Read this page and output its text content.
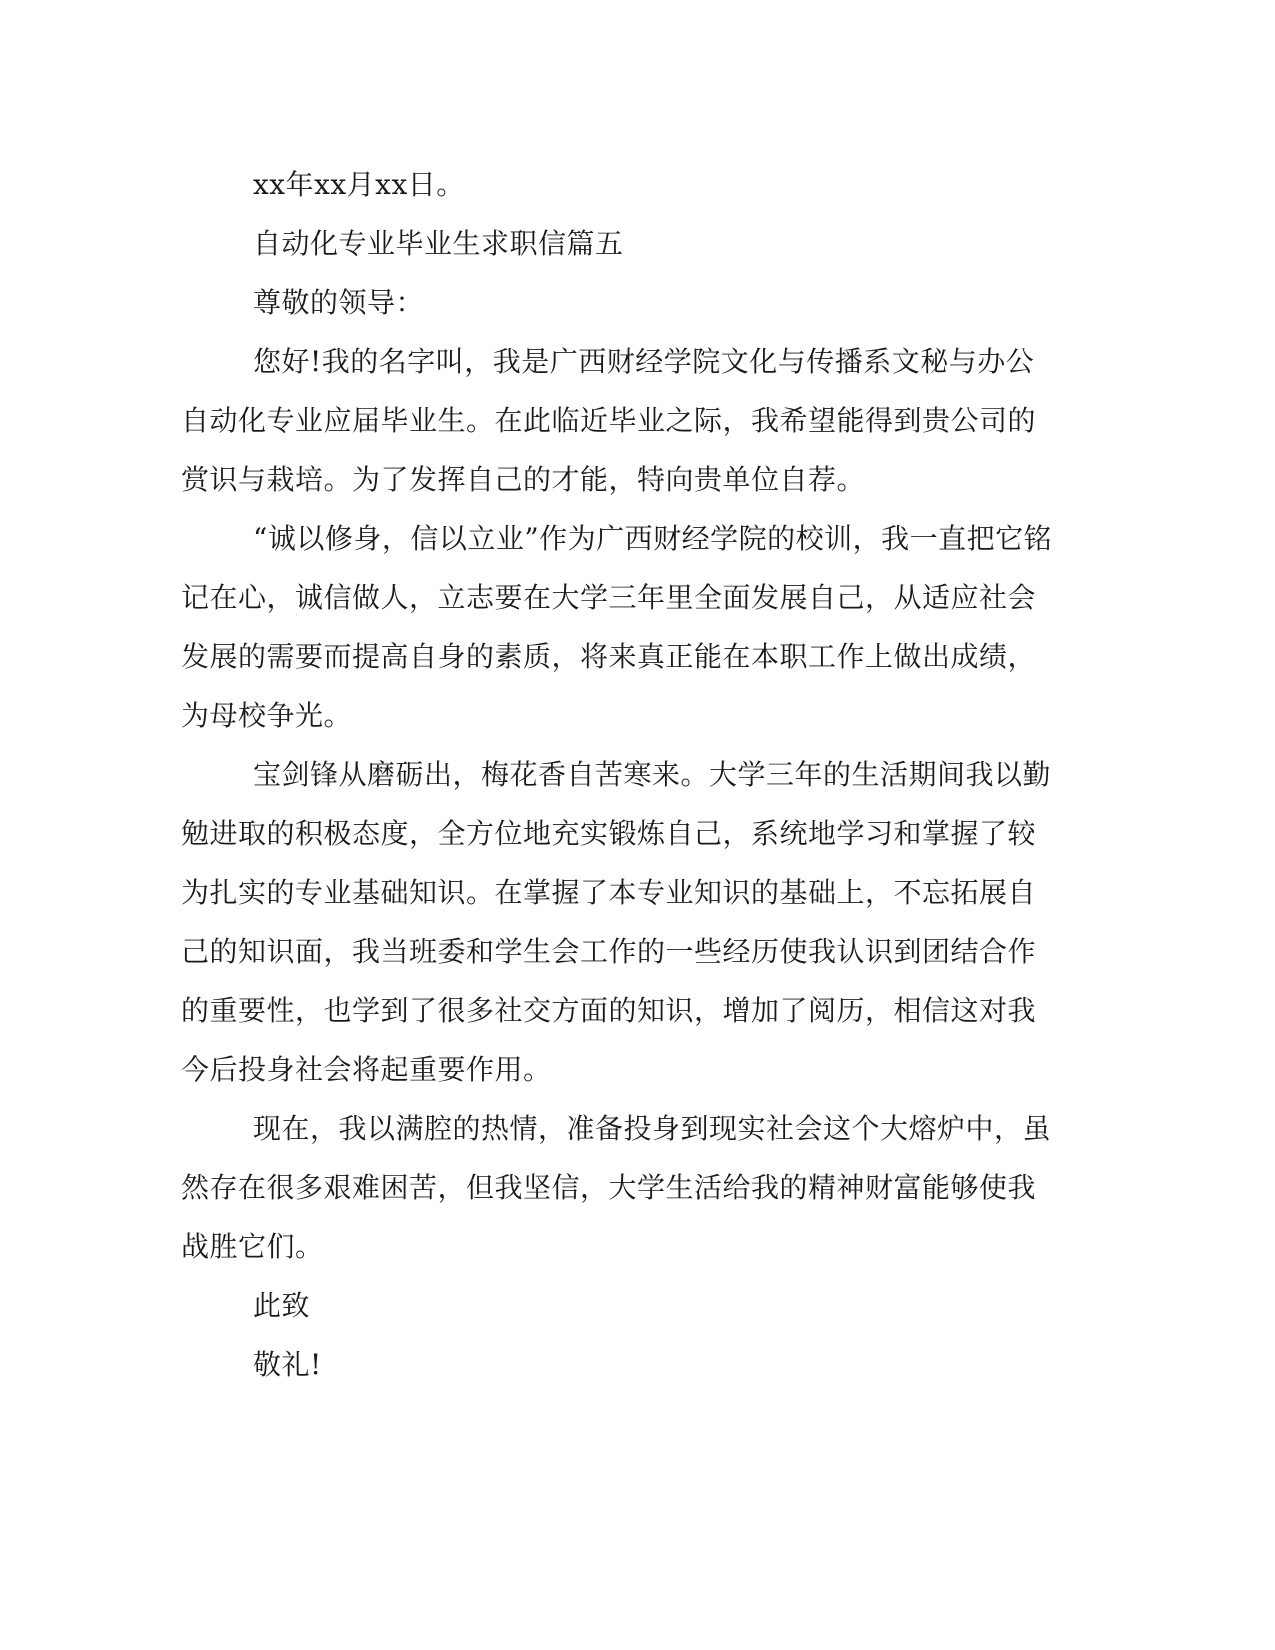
xx年xx月xx日。
自动化专业毕业生求职信篇五
尊敬的领导：
您好!我的名字叫，我是广西财经学院文化与传播系文秘与办公
自动化专业应届毕业生。在此临近毕业之际，我希望能得到贵公司的
赏识与栽培。为了发挥自己的才能，特向贵单位自荐。
“诚以修身，信以立业”作为广西财经学院的校训，我一直把它铭
记在心，诚信做人，立志要在大学三年里全面发展自己，从适应社会
发展的需要而提高自身的素质，将来真正能在本职工作上做出成绩，
为母校争光。
宝剑锋从磨砺出，梅花香自苦寒来。大学三年的生活期间我以勤
勉进取的积极态度，全方位地充实锻炼自己，系统地学习和掌握了较
为扎实的专业基础知识。在掌握了本专业知识的基础上，不忘拓展自
己的知识面，我当班委和学生会工作的一些经历使我认识到团结合作
的重要性，也学到了很多社交方面的知识，增加了阅历，相信这对我
今后投身社会将起重要作用。
现在，我以满腔的热情，准备投身到现实社会这个大熔炉中，虽
然存在很多艰难困苦，但我坚信，大学生活给我的精神财富能够使我
战胜它们。
此致
敬礼!
